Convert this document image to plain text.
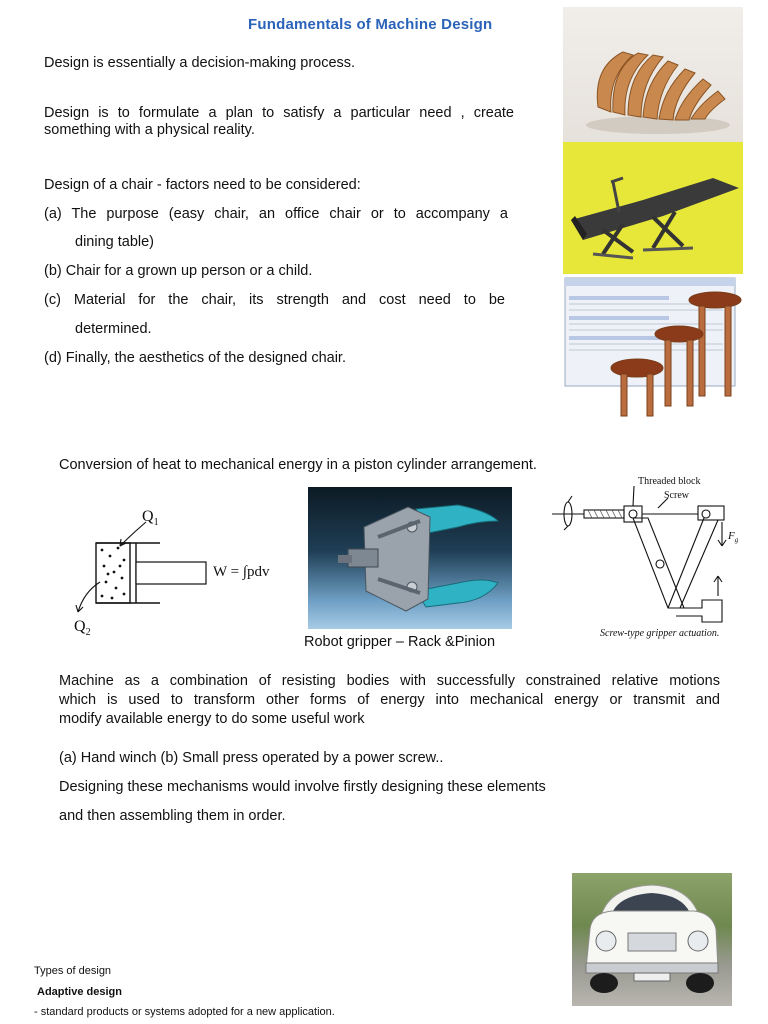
Fundamentals of Machine Design
Design is essentially a decision-making process.
Design is to formulate a plan to satisfy a particular need , create
something with a physical reality.
Design of a chair - factors need to be considered:
(a) The purpose (easy chair, an office chair or to accompany a
dining table)
(b) Chair for a grown up person or a child.
(c) Material for the chair, its strength and cost need to be
determined.
(d) Finally, the aesthetics of the designed chair.
Conversion of heat to mechanical energy in a piston cylinder arrangement.
$Q_1$
$Q_2$
W = ∫pdv
Robot gripper – Rack &Pinion
Threaded block
Screw
$F_g$
Screw-type gripper actuation.
Machine as a combination of resisting bodies with successfully constrained relative motions
which is used to transform other forms of energy into mechanical energy or transmit and
modify available energy to do some useful work
(a) Hand winch (b) Small press operated by a power screw..
Designing these mechanisms would involve firstly designing these elements
and then assembling them in order.
Types of design
Adaptive design
- standard products or systems adopted for a new application.
